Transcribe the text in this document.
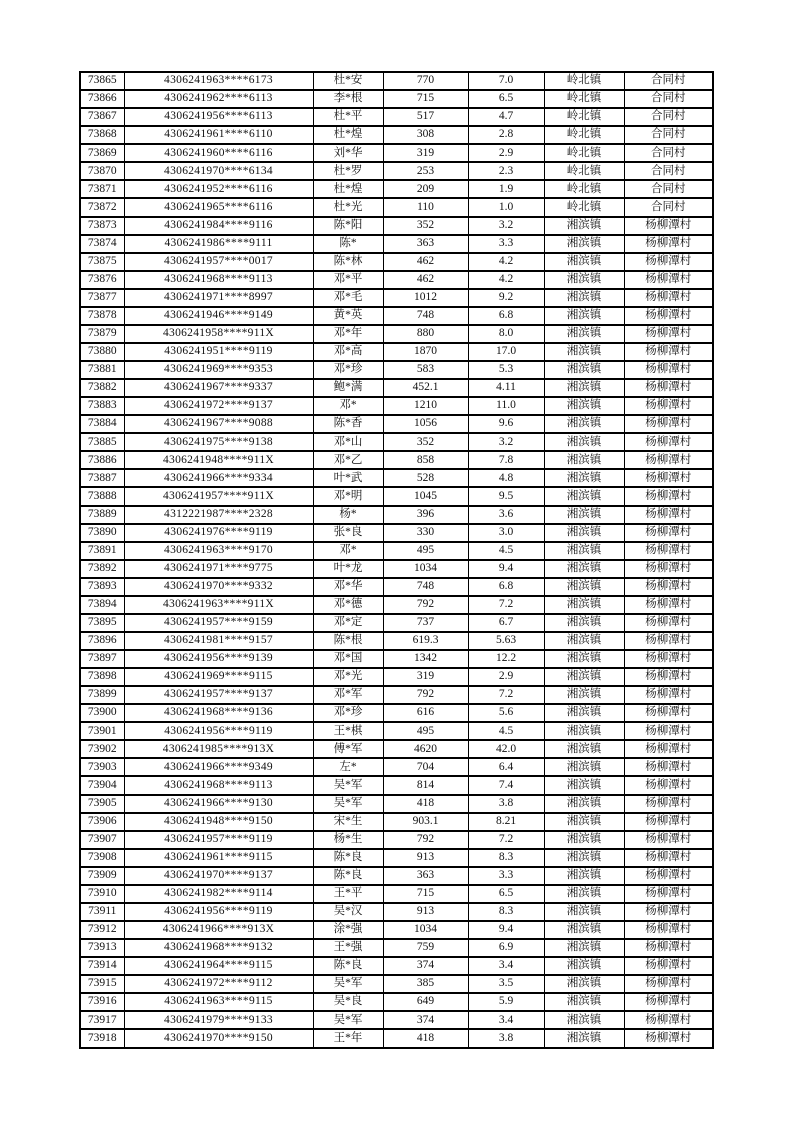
73865	4306241963****6173	杜*安	770	7.0	岭北镇	合同村
73866	4306241962****6113	李*根	715	6.5	岭北镇	合同村
73867	4306241956****6113	杜*平	517	4.7	岭北镇	合同村
73868	4306241961****6110	杜*煌	308	2.8	岭北镇	合同村
73869	4306241960****6116	刘*华	319	2.9	岭北镇	合同村
73870	4306241970****6134	杜*罗	253	2.3	岭北镇	合同村
73871	4306241952****6116	杜*煌	209	1.9	岭北镇	合同村
73872	4306241965****6116	杜*光	110	1.0	岭北镇	合同村
73873	4306241984****9116	陈*阳	352	3.2	湘滨镇	杨柳潭村
73874	4306241986****9111	陈*	363	3.3	湘滨镇	杨柳潭村
73875	4306241957****0017	陈*林	462	4.2	湘滨镇	杨柳潭村
73876	4306241968****9113	邓*平	462	4.2	湘滨镇	杨柳潭村
73877	4306241971****8997	邓*毛	1012	9.2	湘滨镇	杨柳潭村
73878	4306241946****9149	黄*英	748	6.8	湘滨镇	杨柳潭村
73879	4306241958****911X	邓*年	880	8.0	湘滨镇	杨柳潭村
73880	4306241951****9119	邓*高	1870	17.0	湘滨镇	杨柳潭村
73881	4306241969****9353	邓*珍	583	5.3	湘滨镇	杨柳潭村
73882	4306241967****9337	鲍*满	452.1	4.11	湘滨镇	杨柳潭村
73883	4306241972****9137	邓*	1210	11.0	湘滨镇	杨柳潭村
73884	4306241967****9088	陈*香	1056	9.6	湘滨镇	杨柳潭村
73885	4306241975****9138	邓*山	352	3.2	湘滨镇	杨柳潭村
73886	4306241948****911X	邓*乙	858	7.8	湘滨镇	杨柳潭村
73887	4306241966****9334	叶*武	528	4.8	湘滨镇	杨柳潭村
73888	4306241957****911X	邓*明	1045	9.5	湘滨镇	杨柳潭村
73889	4312221987****2328	杨*	396	3.6	湘滨镇	杨柳潭村
73890	4306241976****9119	张*良	330	3.0	湘滨镇	杨柳潭村
73891	4306241963****9170	邓*	495	4.5	湘滨镇	杨柳潭村
73892	4306241971****9775	叶*龙	1034	9.4	湘滨镇	杨柳潭村
73893	4306241970****9332	邓*华	748	6.8	湘滨镇	杨柳潭村
73894	4306241963****911X	邓*德	792	7.2	湘滨镇	杨柳潭村
73895	4306241957****9159	邓*定	737	6.7	湘滨镇	杨柳潭村
73896	4306241981****9157	陈*根	619.3	5.63	湘滨镇	杨柳潭村
73897	4306241956****9139	邓*国	1342	12.2	湘滨镇	杨柳潭村
73898	4306241969****9115	邓*光	319	2.9	湘滨镇	杨柳潭村
73899	4306241957****9137	邓*军	792	7.2	湘滨镇	杨柳潭村
73900	4306241968****9136	邓*珍	616	5.6	湘滨镇	杨柳潭村
73901	4306241956****9119	王*棋	495	4.5	湘滨镇	杨柳潭村
73902	4306241985****913X	傅*军	4620	42.0	湘滨镇	杨柳潭村
73903	4306241966****9349	左*	704	6.4	湘滨镇	杨柳潭村
73904	4306241968****9113	吴*军	814	7.4	湘滨镇	杨柳潭村
73905	4306241966****9130	吴*军	418	3.8	湘滨镇	杨柳潭村
73906	4306241948****9150	宋*生	903.1	8.21	湘滨镇	杨柳潭村
73907	4306241957****9119	杨*生	792	7.2	湘滨镇	杨柳潭村
73908	4306241961****9115	陈*良	913	8.3	湘滨镇	杨柳潭村
73909	4306241970****9137	陈*良	363	3.3	湘滨镇	杨柳潭村
73910	4306241982****9114	王*平	715	6.5	湘滨镇	杨柳潭村
73911	4306241956****9119	吴*汉	913	8.3	湘滨镇	杨柳潭村
73912	4306241966****913X	涂*强	1034	9.4	湘滨镇	杨柳潭村
73913	4306241968****9132	王*强	759	6.9	湘滨镇	杨柳潭村
73914	4306241964****9115	陈*良	374	3.4	湘滨镇	杨柳潭村
73915	4306241972****9112	吴*军	385	3.5	湘滨镇	杨柳潭村
73916	4306241963****9115	吴*良	649	5.9	湘滨镇	杨柳潭村
73917	4306241979****9133	吴*军	374	3.4	湘滨镇	杨柳潭村
73918	4306241970****9150	王*年	418	3.8	湘滨镇	杨柳潭村
